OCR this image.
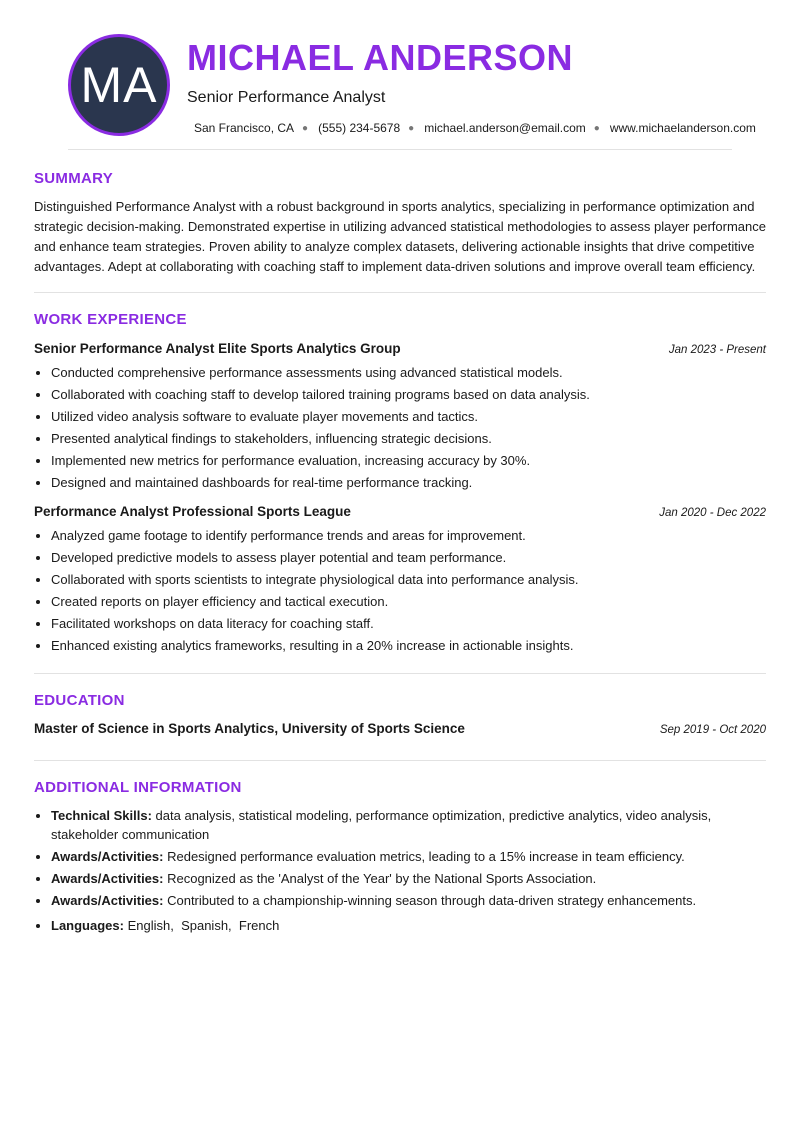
MA MICHAEL ANDERSON
Senior Performance Analyst
San Francisco, CA ● (555) 234-5678 ● michael.anderson@email.com ● www.michaelanderson.com
SUMMARY

Distinguished Performance Analyst with a robust background in sports analytics, specializing in performance optimization and strategic decision-making. Demonstrated expertise in utilizing advanced statistical methodologies to assess player performance and enhance team strategies. Proven ability to analyze complex datasets, delivering actionable insights that drive competitive advantages. Adept at collaborating with coaching staff to implement data-driven solutions and improve overall team efficiency.

WORK EXPERIENCE
Senior Performance Analyst Elite Sports Analytics Group	Jan 2023 - Present
• Conducted comprehensive performance assessments using advanced statistical models.
• Collaborated with coaching staff to develop tailored training programs based on data analysis.
• Utilized video analysis software to evaluate player movements and tactics.
• Presented analytical findings to stakeholders, influencing strategic decisions.
• Implemented new metrics for performance evaluation, increasing accuracy by 30%.
• Designed and maintained dashboards for real-time performance tracking.
Performance Analyst Professional Sports League	Jan 2020 - Dec 2022
• Analyzed game footage to identify performance trends and areas for improvement.
• Developed predictive models to assess player potential and team performance.
• Collaborated with sports scientists to integrate physiological data into performance analysis.
• Created reports on player efficiency and tactical execution.
• Facilitated workshops on data literacy for coaching staff.
• Enhanced existing analytics frameworks, resulting in a 20% increase in actionable insights.
EDUCATION
Master of Science in Sports Analytics, University of Sports Science	Sep 2019 - Oct 2020
ADDITIONAL INFORMATION
• Technical Skills: data analysis, statistical modeling, performance optimization, predictive analytics, video analysis, stakeholder communication
• Awards/Activities: Redesigned performance evaluation metrics, leading to a 15% increase in team efficiency.
• Awards/Activities: Recognized as the 'Analyst of the Year' by the National Sports Association.
• Awards/Activities: Contributed to a championship-winning season through data-driven strategy enhancements.
• Languages: English,  Spanish,  French
